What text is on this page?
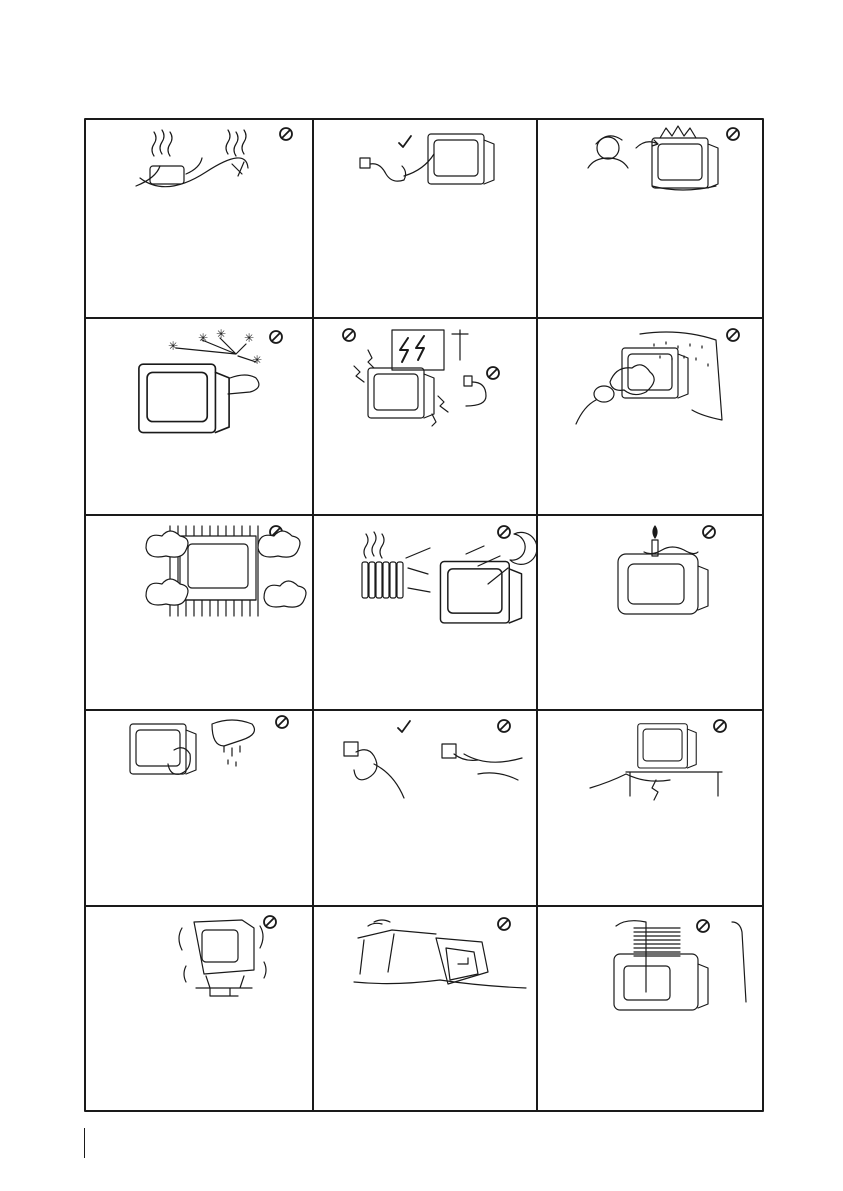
✳
✳ ✳ ✳
✳
